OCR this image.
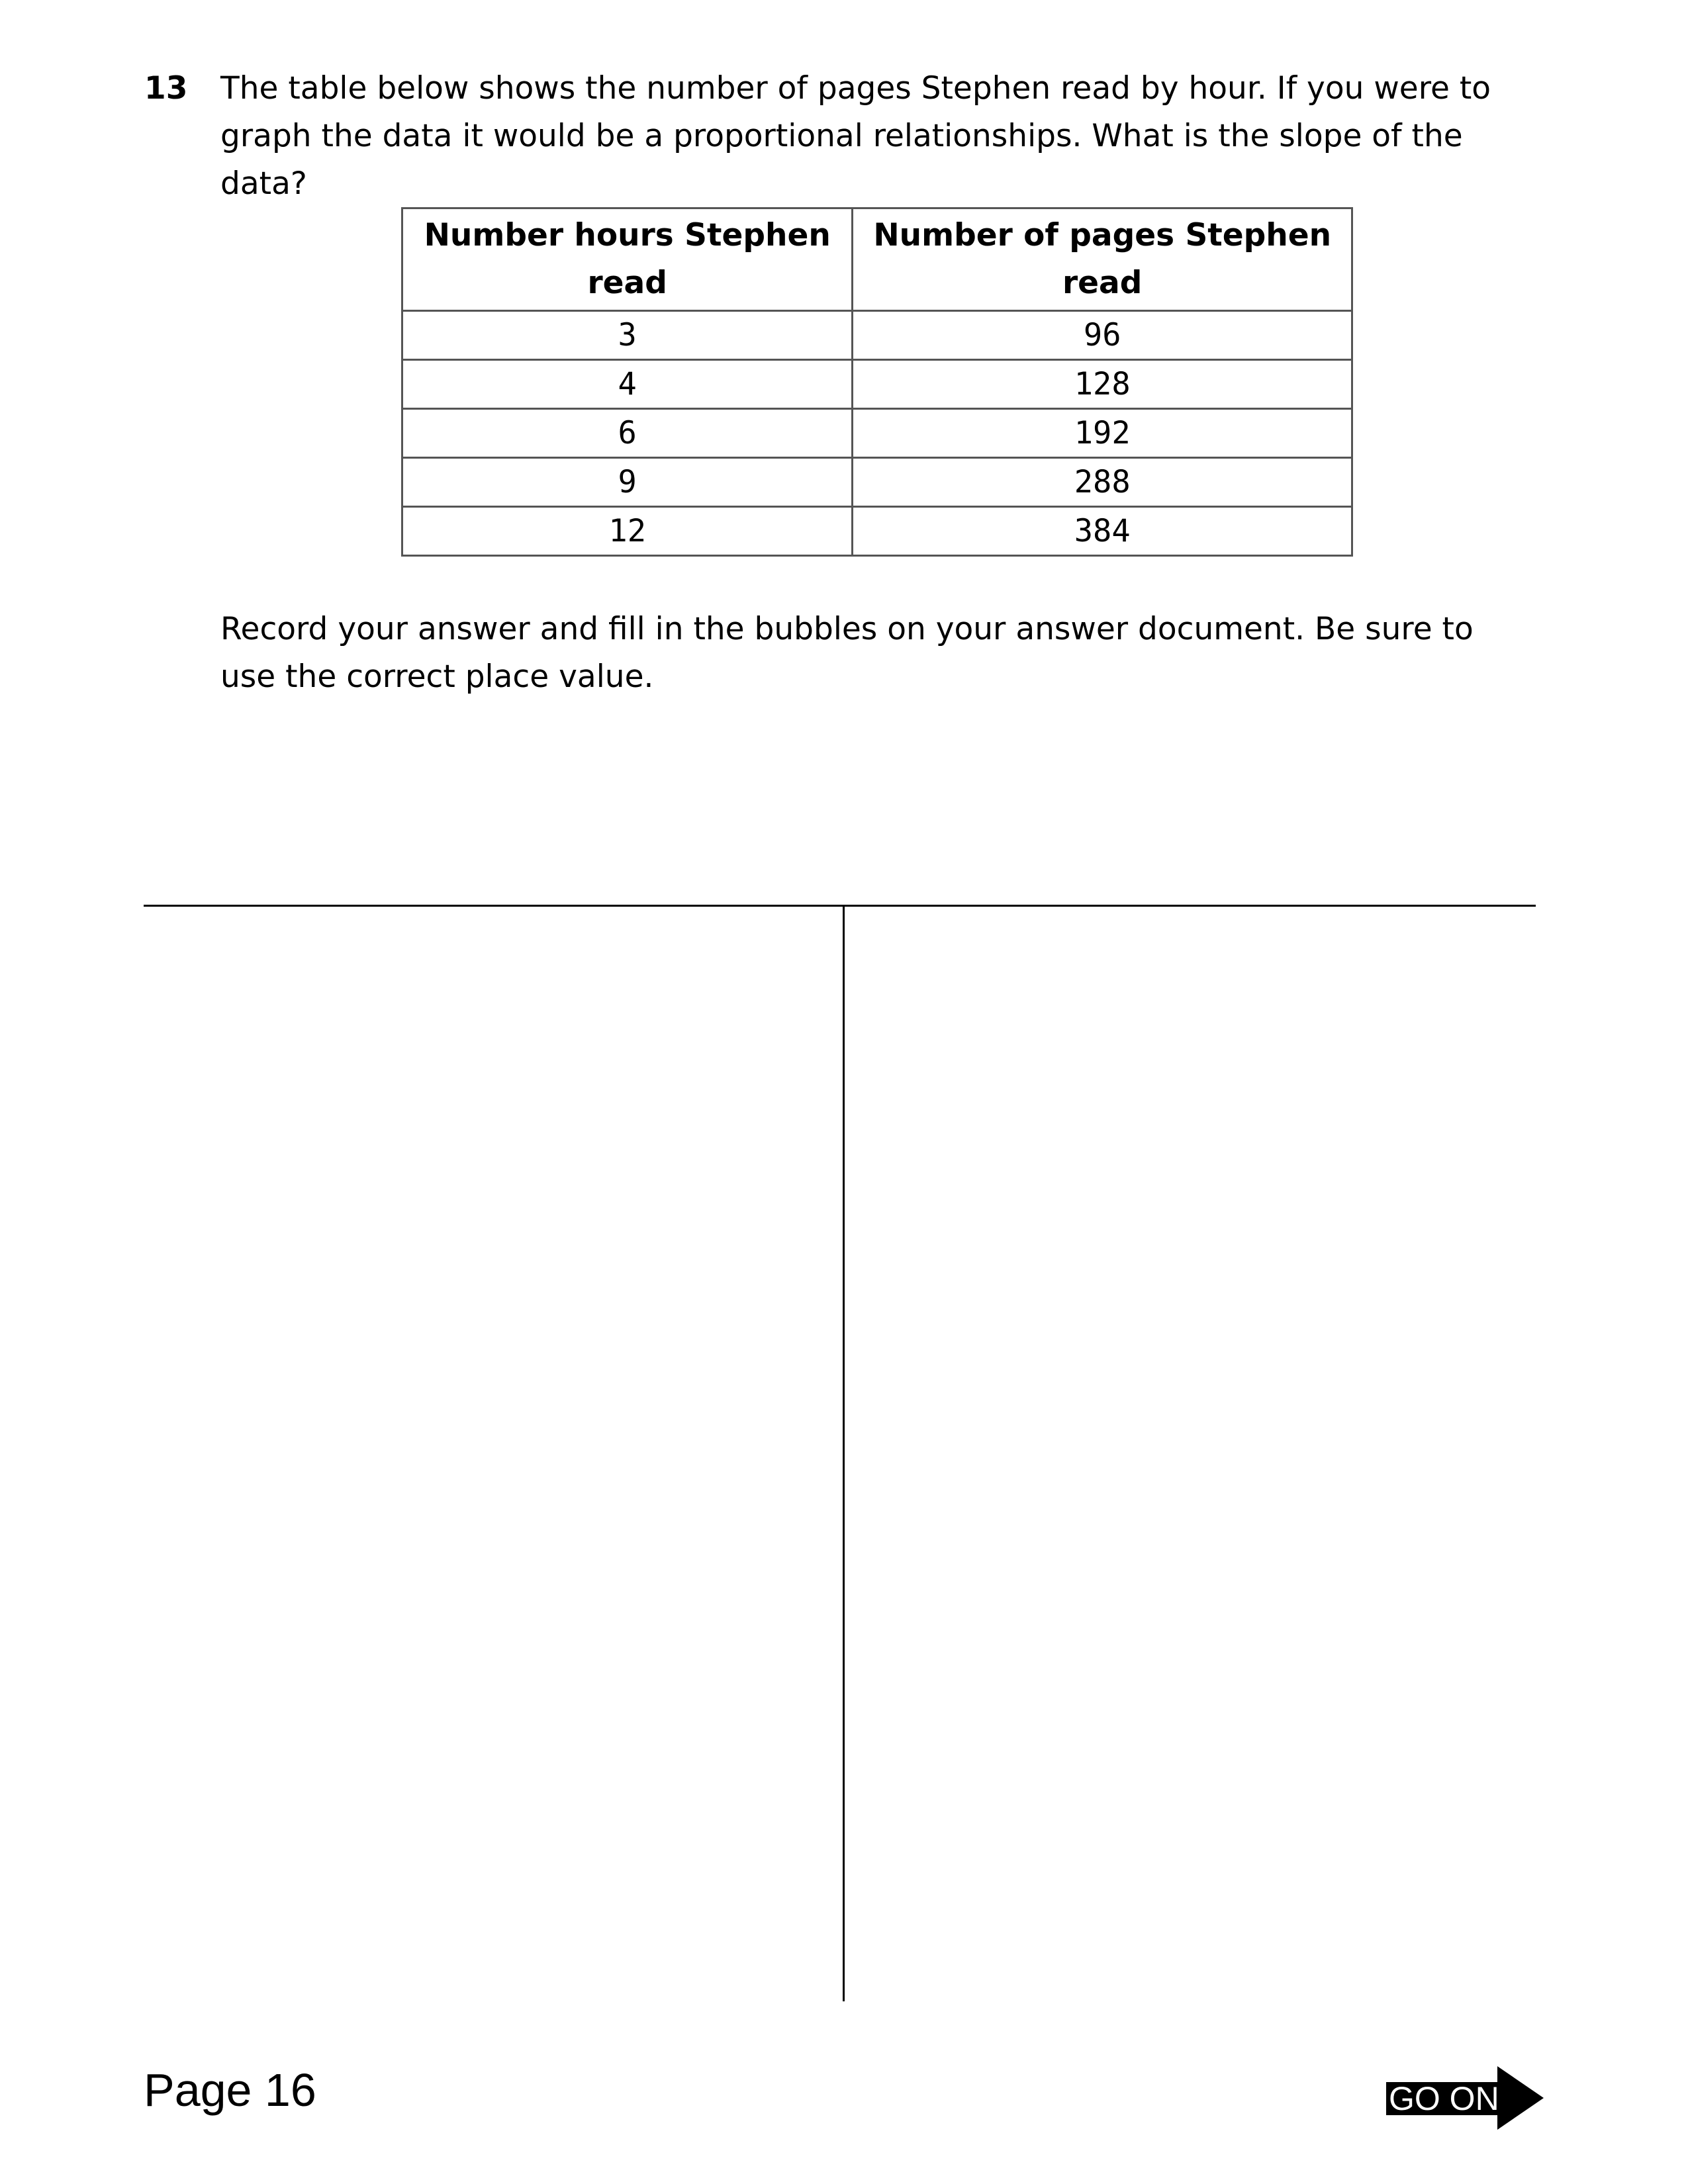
13 The table below shows the number of pages Stephen read by hour. If you were to graph the data it would be a proportional relationships. What is the slope of the data?
Number hours Stephen read	Number of pages Stephen read
3	96
4	128
6	192
9	288
12	384
Record your answer and fill in the bubbles on your answer document. Be sure to use the correct place value.
Page 16	GO ON
